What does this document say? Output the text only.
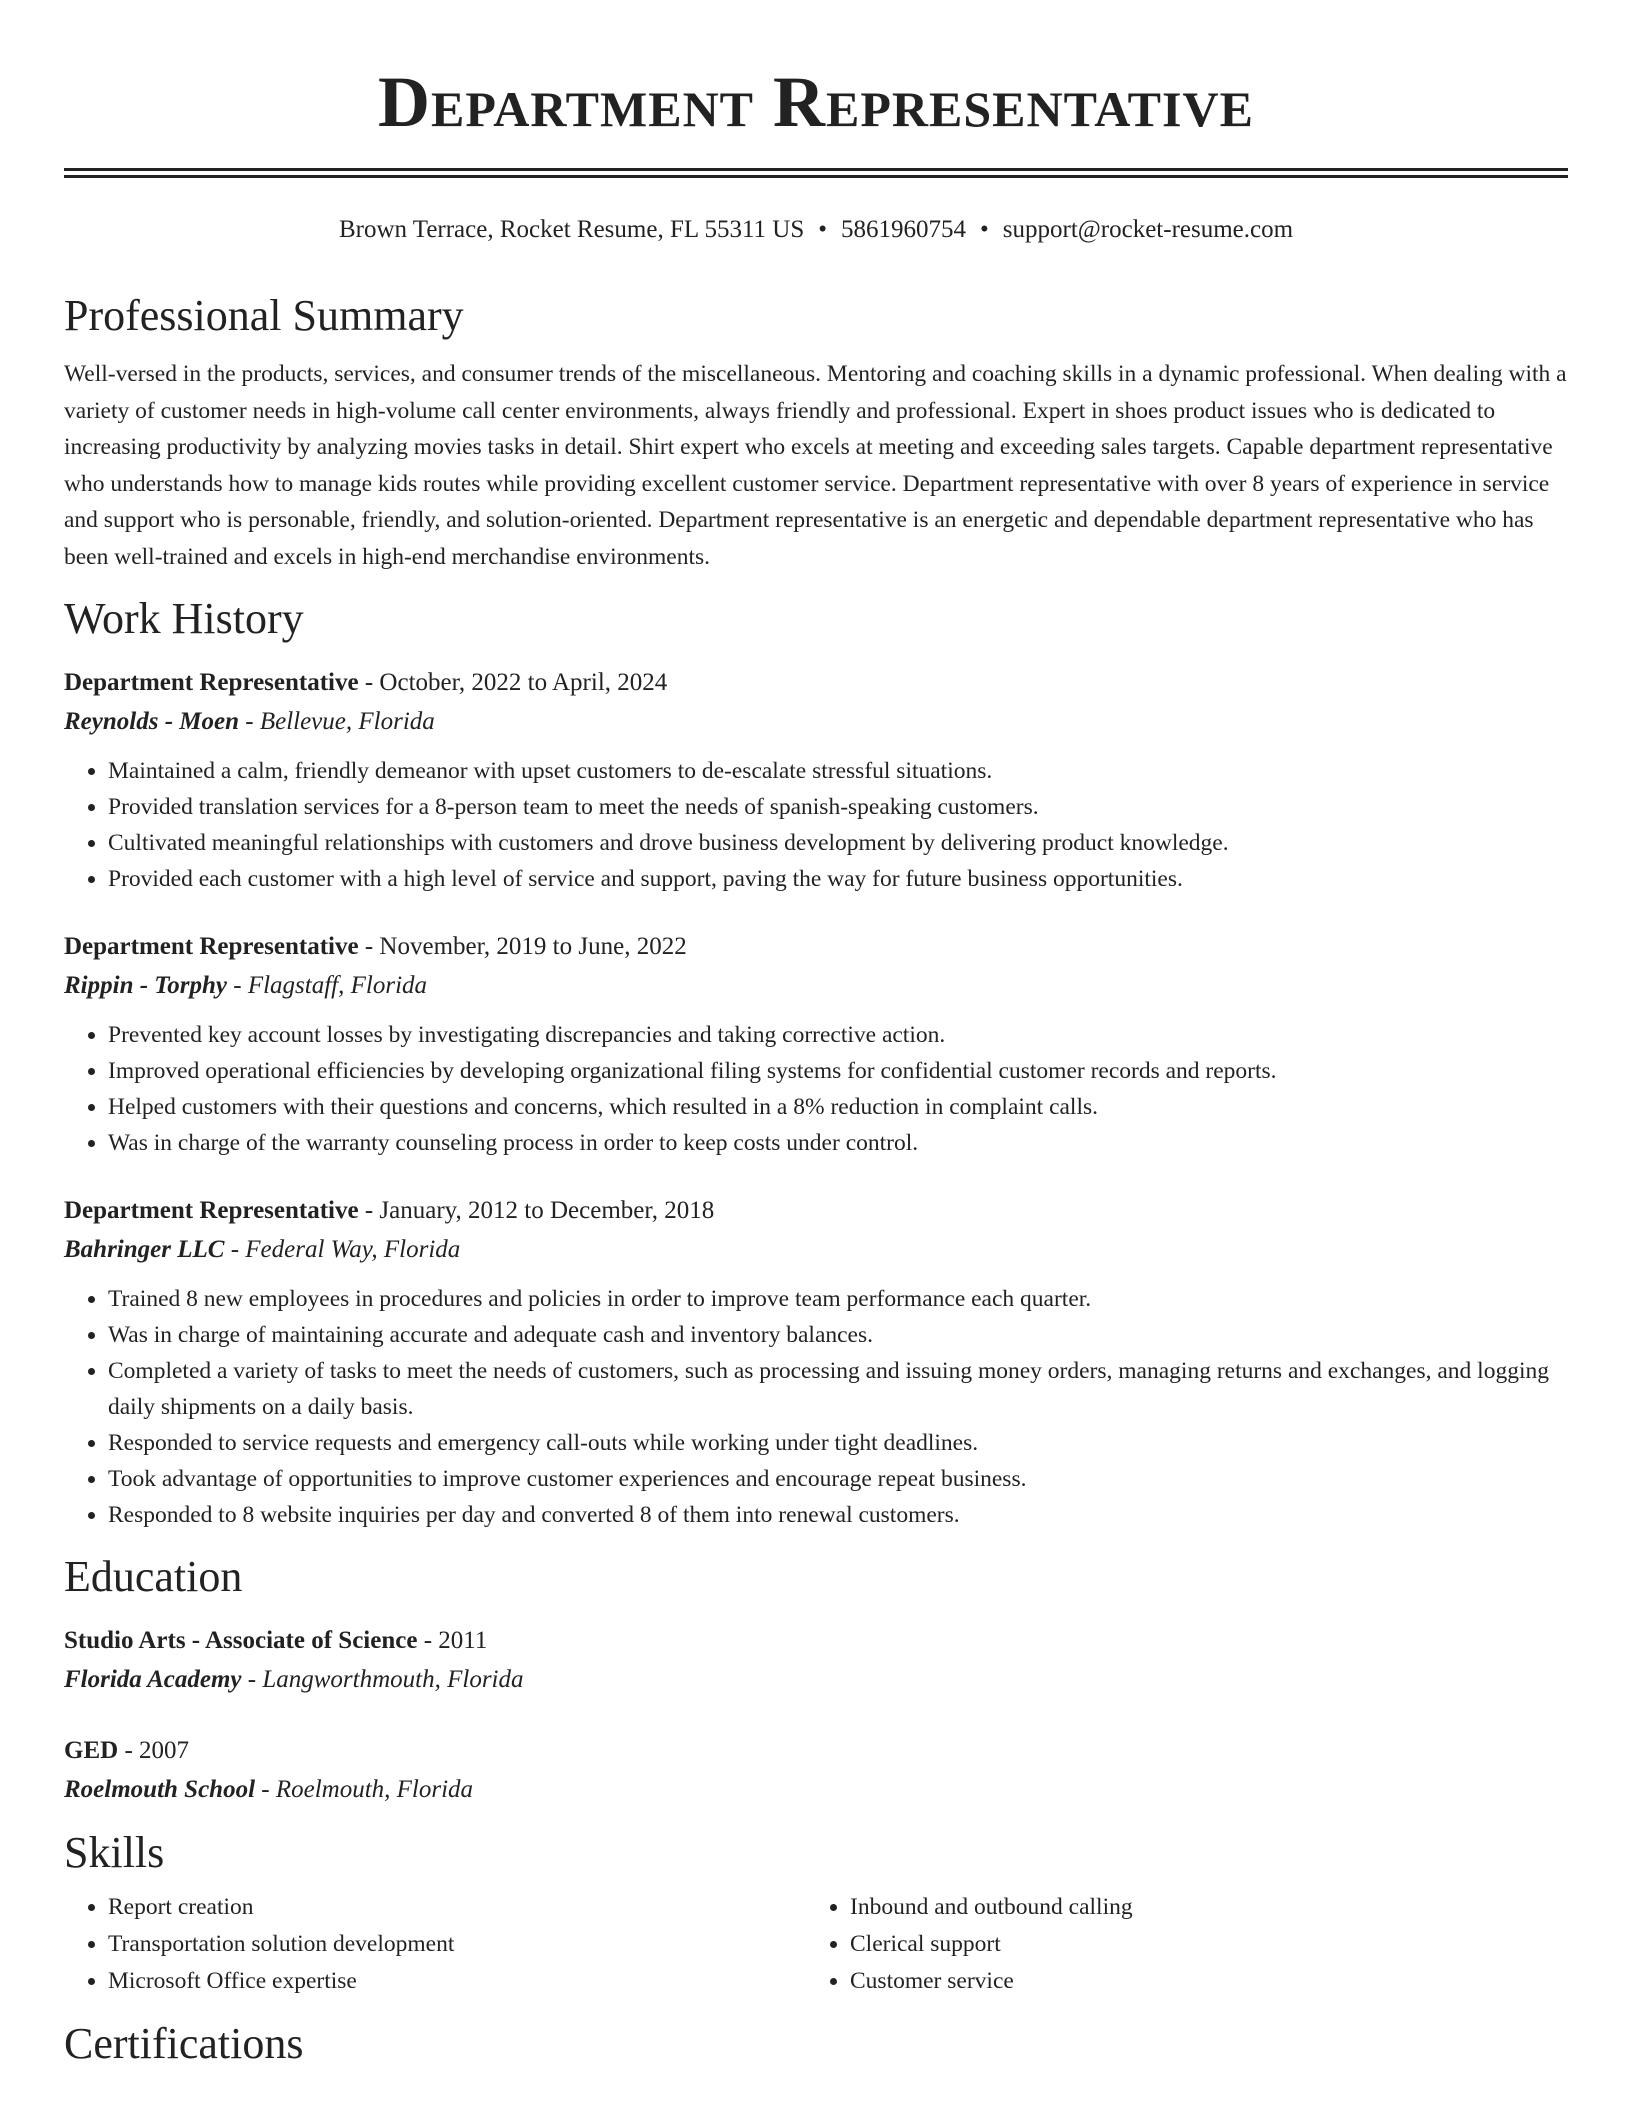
Department Representative
Brown Terrace, Rocket Resume, FL 55311 US • 5861960754 • support@rocket-resume.com
Professional Summary
Well-versed in the products, services, and consumer trends of the miscellaneous. Mentoring and coaching skills in a dynamic professional. When dealing with a variety of customer needs in high-volume call center environments, always friendly and professional. Expert in shoes product issues who is dedicated to increasing productivity by analyzing movies tasks in detail. Shirt expert who excels at meeting and exceeding sales targets. Capable department representative who understands how to manage kids routes while providing excellent customer service. Department representative with over 8 years of experience in service and support who is personable, friendly, and solution-oriented. Department representative is an energetic and dependable department representative who has been well-trained and excels in high-end merchandise environments.
Work History
Department Representative - October, 2022 to April, 2024
Reynolds - Moen - Bellevue, Florida
• Maintained a calm, friendly demeanor with upset customers to de-escalate stressful situations.
• Provided translation services for a 8-person team to meet the needs of spanish-speaking customers.
• Cultivated meaningful relationships with customers and drove business development by delivering product knowledge.
• Provided each customer with a high level of service and support, paving the way for future business opportunities.
Department Representative - November, 2019 to June, 2022
Rippin - Torphy - Flagstaff, Florida
• Prevented key account losses by investigating discrepancies and taking corrective action.
• Improved operational efficiencies by developing organizational filing systems for confidential customer records and reports.
• Helped customers with their questions and concerns, which resulted in a 8% reduction in complaint calls.
• Was in charge of the warranty counseling process in order to keep costs under control.
Department Representative - January, 2012 to December, 2018
Bahringer LLC - Federal Way, Florida
• Trained 8 new employees in procedures and policies in order to improve team performance each quarter.
• Was in charge of maintaining accurate and adequate cash and inventory balances.
• Completed a variety of tasks to meet the needs of customers, such as processing and issuing money orders, managing returns and exchanges, and logging daily shipments on a daily basis.
• Responded to service requests and emergency call-outs while working under tight deadlines.
• Took advantage of opportunities to improve customer experiences and encourage repeat business.
• Responded to 8 website inquiries per day and converted 8 of them into renewal customers.
Education
Studio Arts - Associate of Science - 2011
Florida Academy - Langworthmouth, Florida
GED - 2007
Roelmouth School - Roelmouth, Florida
Skills
• Report creation
• Transportation solution development
• Microsoft Office expertise
• Inbound and outbound calling
• Clerical support
• Customer service
Certifications
